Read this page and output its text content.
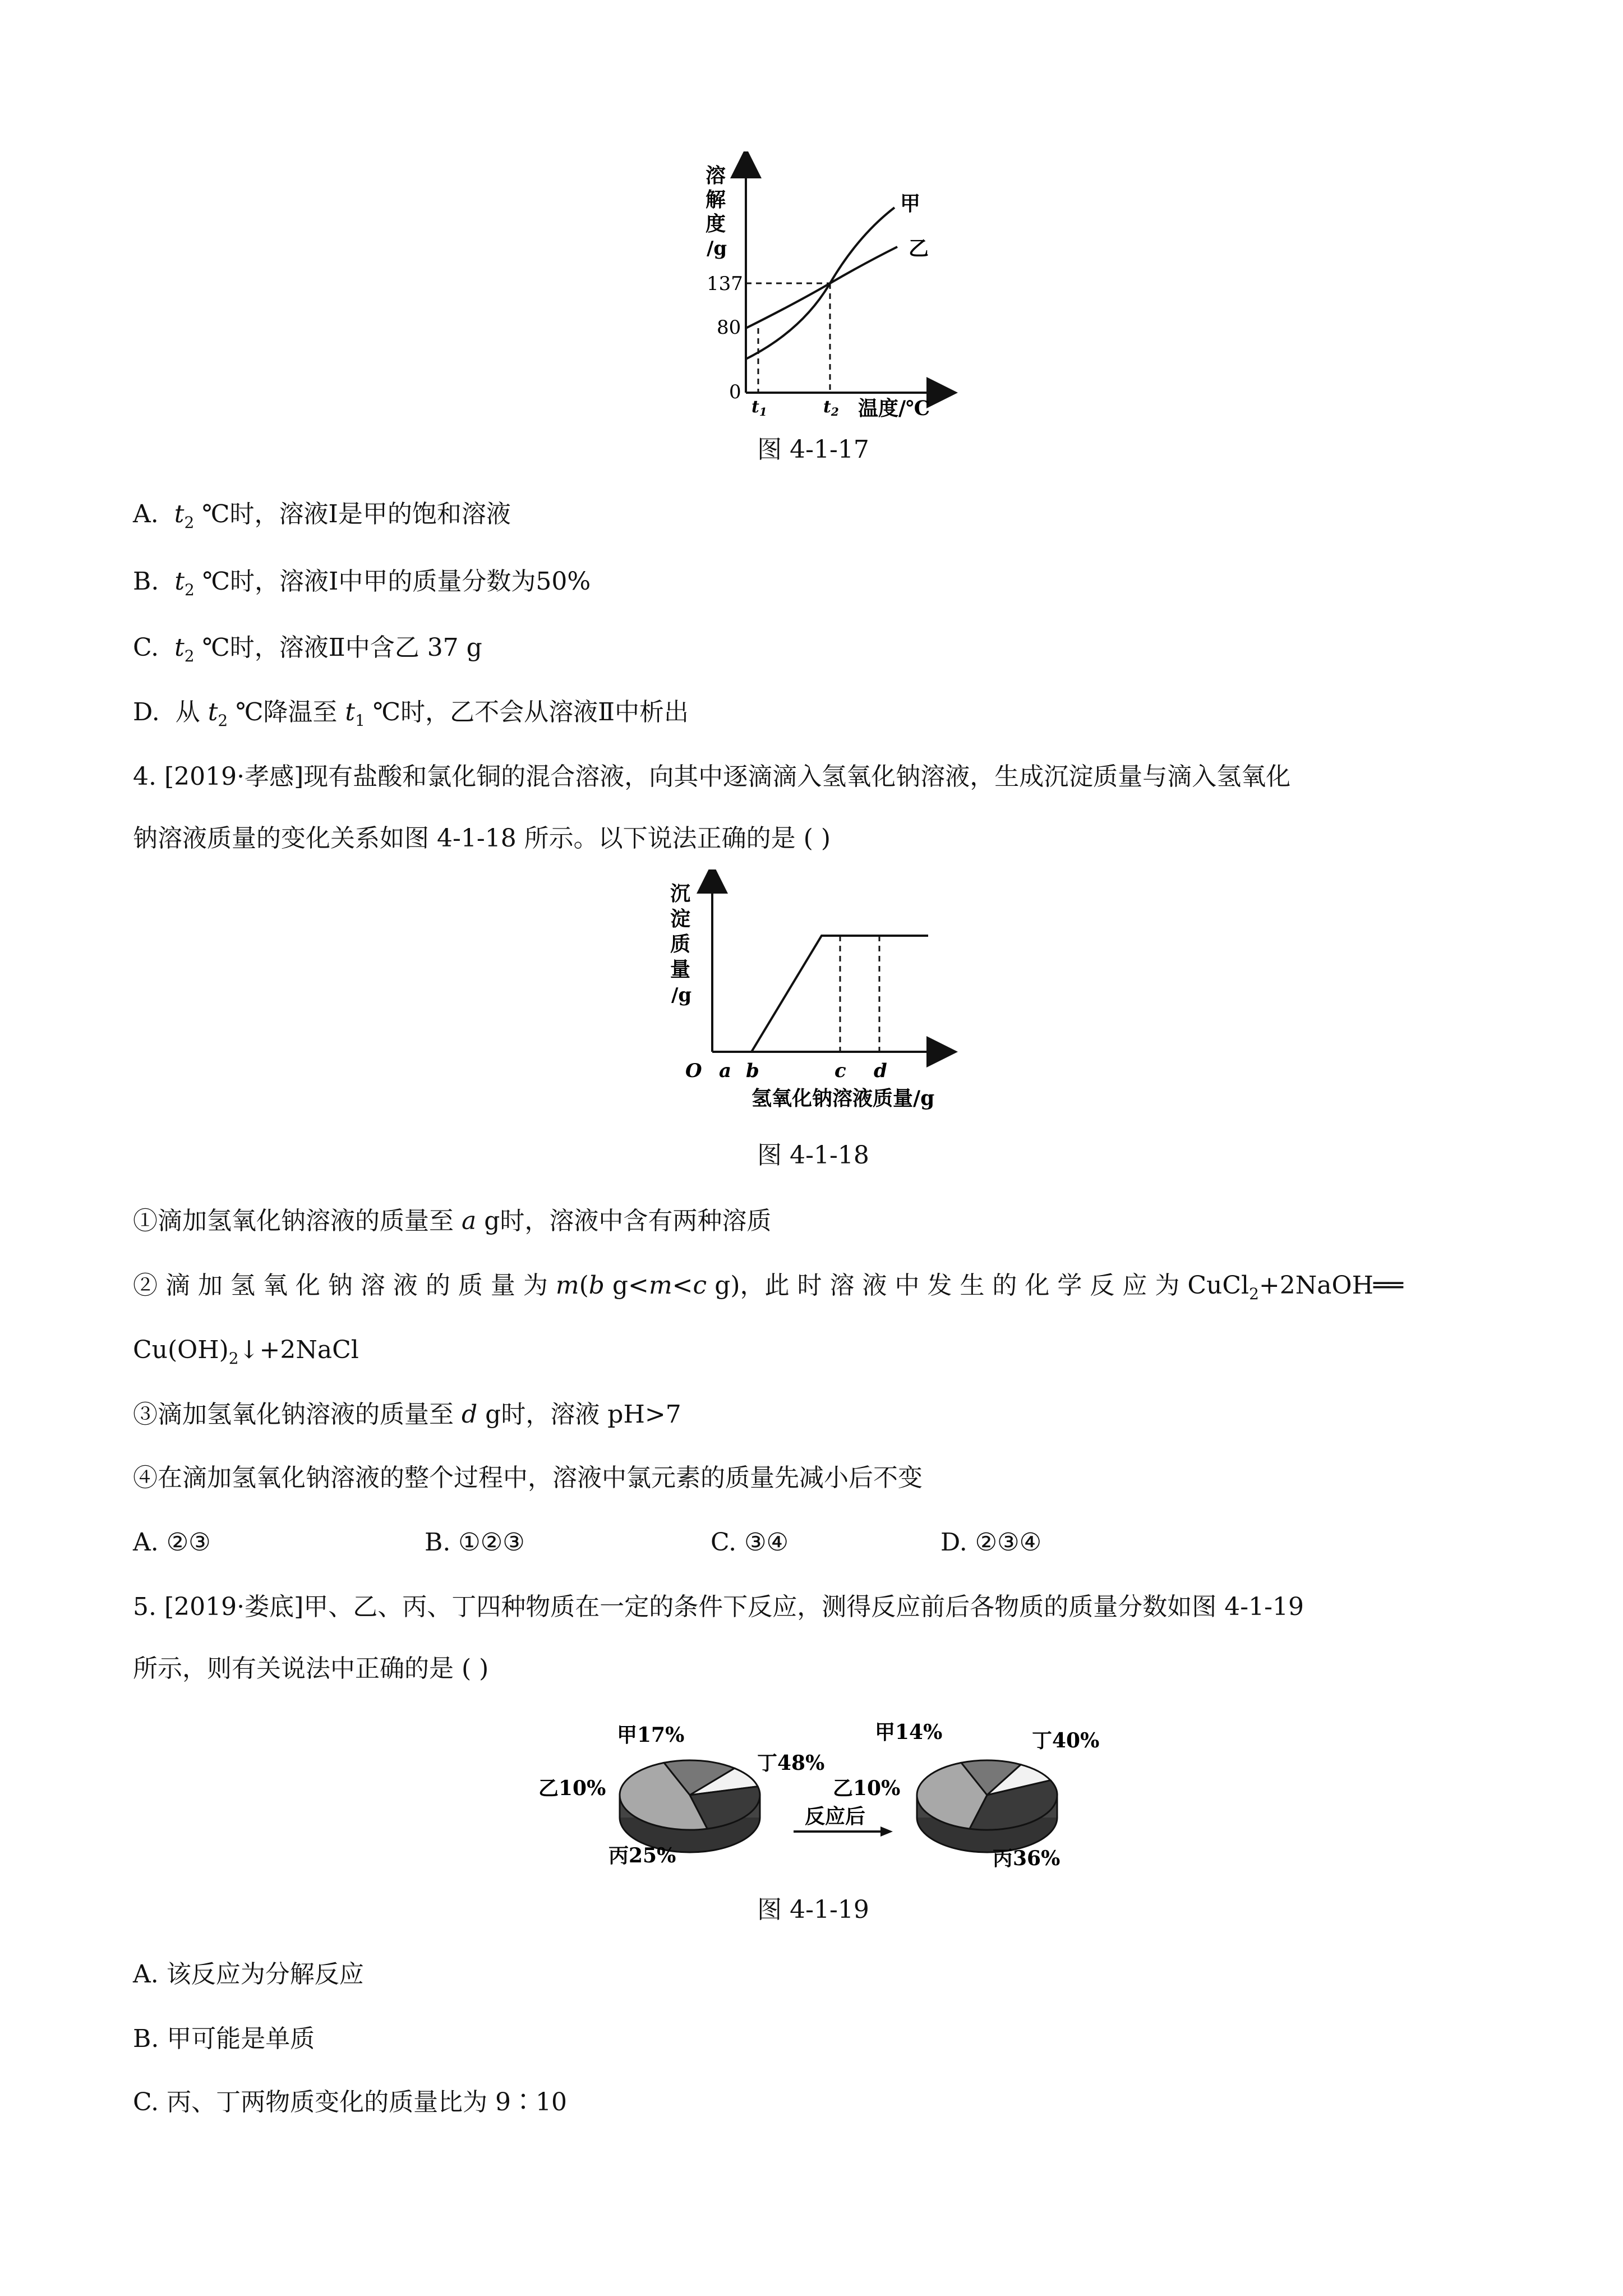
溶
解
度
/g
137
80
0
甲
乙
$t_1$	$t_2$ 温度/℃
图 4-1-17
A. $t_2$ ℃时，溶液Ⅰ是甲的饱和溶液
B. $t_2$ ℃时，溶液Ⅰ中甲的质量分数为50%
C. $t_2$ ℃时，溶液Ⅱ中含乙 37 g
D. 从 $t_2$ ℃降温至 $t_1$ ℃时，乙不会从溶液Ⅱ中析出
4. [2019·孝感]现有盐酸和氯化铜的混合溶液，向其中逐滴滴入氢氧化钠溶液，生成沉淀质量与滴入氢氧化
钠溶液质量的变化关系如图 4-1-18 所示。以下说法正确的是 ( )
沉
淀
质
量
/g
O a b	c d
氢氧化钠溶液质量/g
图 4-1-18
①滴加氢氧化钠溶液的质量至 a g时，溶液中含有两种溶质
② 滴 加 氢 氧 化 钠 溶 液 的 质 量 为 m(b g<m<c g)，此 时 溶 液 中 发 生 的 化 学 反 应 为 CuCl$_2$+2NaOH══
$Cu(OH)_2↓+2NaCl$
③滴加氢氧化钠溶液的质量至 d g时，溶液 pH>7
④在滴加氢氧化钠溶液的整个过程中，溶液中氯元素的质量先减小后不变
A. ②③	B. ①②③	C. ③④	D. ②③④
5. [2019·娄底]甲、乙、丙、丁四种物质在一定的条件下反应，测得反应前后各物质的质量分数如图 4-1-19
所示，则有关说法中正确的是 ( )
甲17%
乙10%
丙25%
丁48%
甲14%
乙10%
丙36%
丁40%
反应后
图 4-1-19
A. 该反应为分解反应
B. 甲可能是单质
C. 丙、丁两物质变化的质量比为 9∶10
